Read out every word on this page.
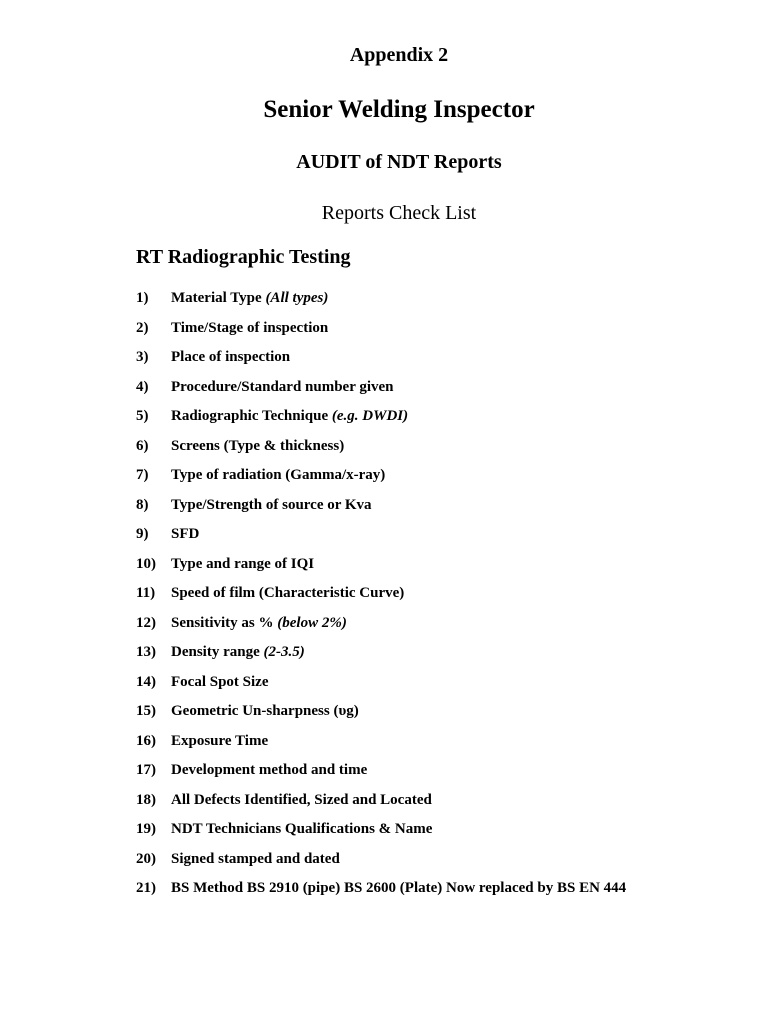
Appendix 2
Senior Welding Inspector
AUDIT of NDT Reports
Reports Check List
RT Radiographic Testing
1) Material Type (All types)
2) Time/Stage of inspection
3) Place of inspection
4) Procedure/Standard number given
5) Radiographic Technique (e.g. DWDI)
6) Screens (Type & thickness)
7) Type of radiation (Gamma/x-ray)
8) Type/Strength of source or Kva
9) SFD
10) Type and range of IQI
11) Speed of film (Characteristic Curve)
12) Sensitivity as % (below 2%)
13) Density range (2-3.5)
14) Focal Spot Size
15) Geometric Un-sharpness (υg)
16) Exposure Time
17) Development method and time
18) All Defects Identified, Sized and Located
19) NDT Technicians Qualifications & Name
20) Signed stamped and dated
21) BS Method BS 2910 (pipe) BS 2600 (Plate) Now replaced by BS EN 444
